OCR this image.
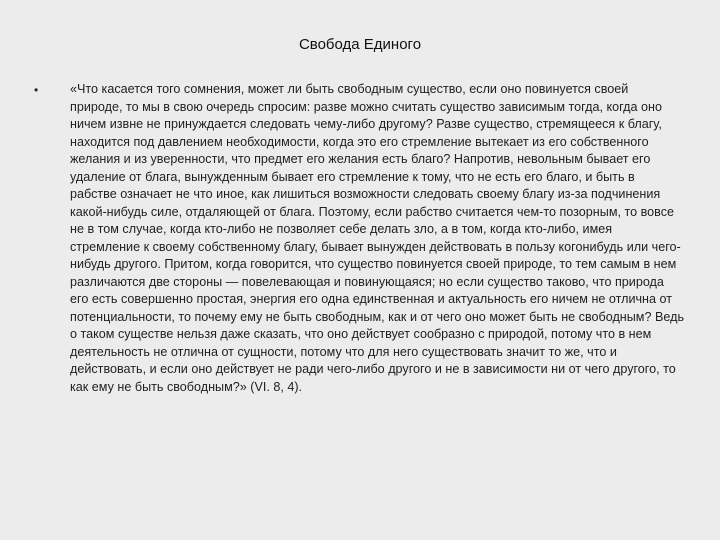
Свобода Единого
•	«Что касается того сомнения, может ли быть свободным существо, если оно повинуется своей природе, то мы в свою очередь спросим: разве можно считать существо зависимым тогда, когда оно ничем извне не принуждается следовать чему-либо другому? Разве существо, стремящееся к благу, находится под давлением необходимости, когда это его стремление вытекает из его собственного желания и из уверенности, что предмет его желания есть благо? Напротив, невольным бывает его удаление от блага, вынужденным бывает его стремление к тому, что не есть его благо, и быть в рабстве означает не что иное, как лишиться возможности следовать своему благу из-за подчинения какой-нибудь силе, отдаляющей от блага. Поэтому, если рабство считается чем-то позорным, то вовсе не в том случае, когда кто-либо не позволяет себе делать зло, а в том, когда кто-либо, имея стремление к своему собственному благу, бывает вынужден действовать в пользу когонибудь или чего-нибудь другого. Притом, когда говорится, что существо повинуется своей природе, то тем самым в нем различаются две стороны — повелевающая и повинующаяся; но если существо таково, что природа его есть совершенно простая, энергия его одна единственная и актуальность его ничем не отлична от потенциальности, то почему ему не быть свободным, как и от чего оно может быть не свободным? Ведь о таком существе нельзя даже сказать, что оно действует сообразно с природой, потому что в нем деятельность не отлична от сущности, потому что для него существовать значит то же, что и действовать, и если оно действует не ради чего-либо другого и не в зависимости ни от чего другого, то как ему не быть свободным?» (VI. 8, 4).
